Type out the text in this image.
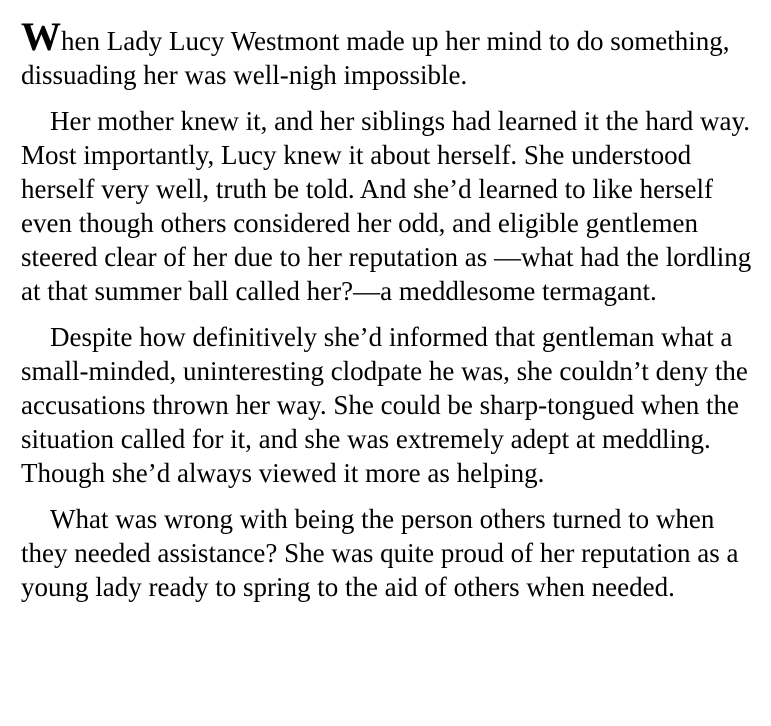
When Lady Lucy Westmont made up her mind to do something, dissuading her was well-nigh impossible.

Her mother knew it, and her siblings had learned it the hard way. Most importantly, Lucy knew it about herself. She understood herself very well, truth be told. And she’d learned to like herself even though others considered her odd, and eligible gentlemen steered clear of her due to her reputation as —what had the lordling at that summer ball called her?—a meddlesome termagant.

Despite how definitively she’d informed that gentleman what a small-minded, uninteresting clodpate he was, she couldn’t deny the accusations thrown her way. She could be sharp-tongued when the situation called for it, and she was extremely adept at meddling. Though she’d always viewed it more as helping.

What was wrong with being the person others turned to when they needed assistance? She was quite proud of her reputation as a young lady ready to spring to the aid of others when needed.
